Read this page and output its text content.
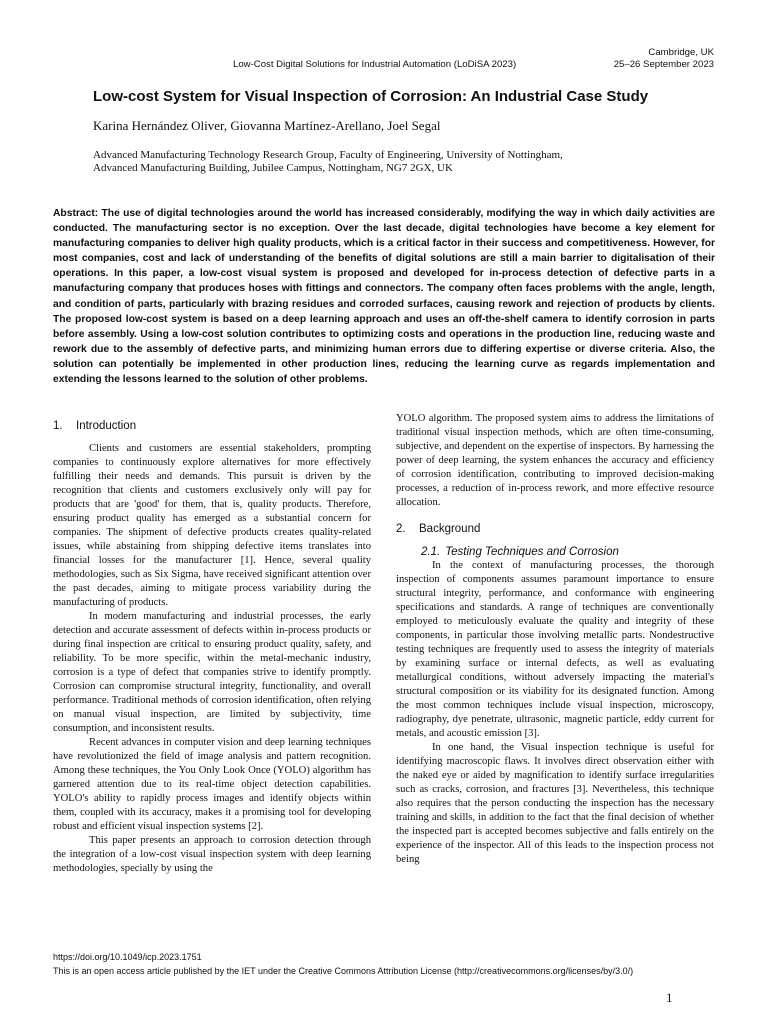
Cambridge, UK
Low-Cost Digital Solutions for Industrial Automation (LoDiSA 2023)	25–26 September 2023
Low-cost System for Visual Inspection of Corrosion: An Industrial Case Study
Karina Hernández Oliver, Giovanna Martínez-Arellano, Joel Segal
Advanced Manufacturing Technology Research Group, Faculty of Engineering, University of Nottingham,
Advanced Manufacturing Building, Jubilee Campus, Nottingham, NG7 2GX, UK

Abstract: The use of digital technologies around the world has increased considerably, modifying the way in which daily activities are conducted. The manufacturing sector is no exception. Over the last decade, digital technologies have become a key element for manufacturing companies to deliver high quality products, which is a critical factor in their success and competitiveness. However, for most companies, cost and lack of understanding of the benefits of digital solutions are still a main barrier to digitalisation of their operations. In this paper, a low-cost visual system is proposed and developed for in-process detection of defective parts in a manufacturing company that produces hoses with fittings and connectors. The company often faces problems with the angle, length, and condition of parts, particularly with brazing residues and corroded surfaces, causing rework and rejection of products by clients. The proposed low-cost system is based on a deep learning approach and uses an off-the-shelf camera to identify corrosion in parts before assembly. Using a low-cost solution contributes to optimizing costs and operations in the production line, reducing waste and rework due to the assembly of defective parts, and minimizing human errors due to differing expertise or diverse criteria. Also, the solution can potentially be implemented in other production lines, reducing the learning curve as regards implementation and extending the lessons learned to the solution of other problems.

1. Introduction

Clients and customers are essential stakeholders, prompting companies to continuously explore alternatives for more effectively fulfilling their needs and demands. This pursuit is driven by the recognition that clients and customers exclusively only will pay for products that are 'good' for them, that is, quality products. Therefore, ensuring product quality has emerged as a substantial concern for companies. The shipment of defective products creates quality-related issues, while abstaining from shipping defective items translates into financial losses for the manufacturer [1]. Hence, several quality methodologies, such as Six Sigma, have received significant attention over the past decades, aiming to mitigate process variability during the manufacturing of products.

In modern manufacturing and industrial processes, the early detection and accurate assessment of defects within in-process products or during final inspection are critical to ensuring product quality, safety, and reliability. To be more specific, within the metal-mechanic industry, corrosion is a type of defect that companies strive to identify promptly. Corrosion can compromise structural integrity, functionality, and overall performance. Traditional methods of corrosion identification, often relying on manual visual inspection, are limited by subjectivity, time consumption, and inconsistent results.

Recent advances in computer vision and deep learning techniques have revolutionized the field of image analysis and pattern recognition. Among these techniques, the You Only Look Once (YOLO) algorithm has garnered attention due to its real-time object detection capabilities. YOLO's ability to rapidly process images and identify objects within them, coupled with its accuracy, makes it a promising tool for developing robust and efficient visual inspection systems [2].

This paper presents an approach to corrosion detection through the integration of a low-cost visual inspection system with deep learning methodologies, specially by using the

YOLO algorithm. The proposed system aims to address the limitations of traditional visual inspection methods, which are often time-consuming, subjective, and dependent on the expertise of inspectors. By harnessing the power of deep learning, the system enhances the accuracy and efficiency of corrosion identification, contributing to improved decision-making processes, a reduction of in-process rework, and more effective resource allocation.

2. Background
2.1. Testing Techniques and Corrosion

In the context of manufacturing processes, the thorough inspection of components assumes paramount importance to ensure structural integrity, performance, and conformance with engineering specifications and standards. A range of techniques are conventionally employed to meticulously evaluate the quality and integrity of these components, in particular those involving metallic parts. Nondestructive testing techniques are frequently used to assess the integrity of materials by examining surface or internal defects, as well as evaluating metallurgical conditions, without adversely impacting the material's structural composition or its viability for its designated function. Among the most common techniques include visual inspection, microscopy, radiography, dye penetrate, ultrasonic, magnetic particle, eddy current for metals, and acoustic emission [3].

In one hand, the Visual inspection technique is useful for identifying macroscopic flaws. It involves direct observation either with the naked eye or aided by magnification to identify surface irregularities such as cracks, corrosion, and fractures [3]. Nevertheless, this technique also requires that the person conducting the inspection has the necessary training and skills, in addition to the fact that the final decision of whether the inspected part is accepted becomes subjective and falls entirely on the experience of the inspector. All of this leads to the inspection process not being

https://doi.org/10.1049/icp.2023.1751
This is an open access article published by the IET under the Creative Commons Attribution License (http://creativecommons.org/licenses/by/3.0/)
1
